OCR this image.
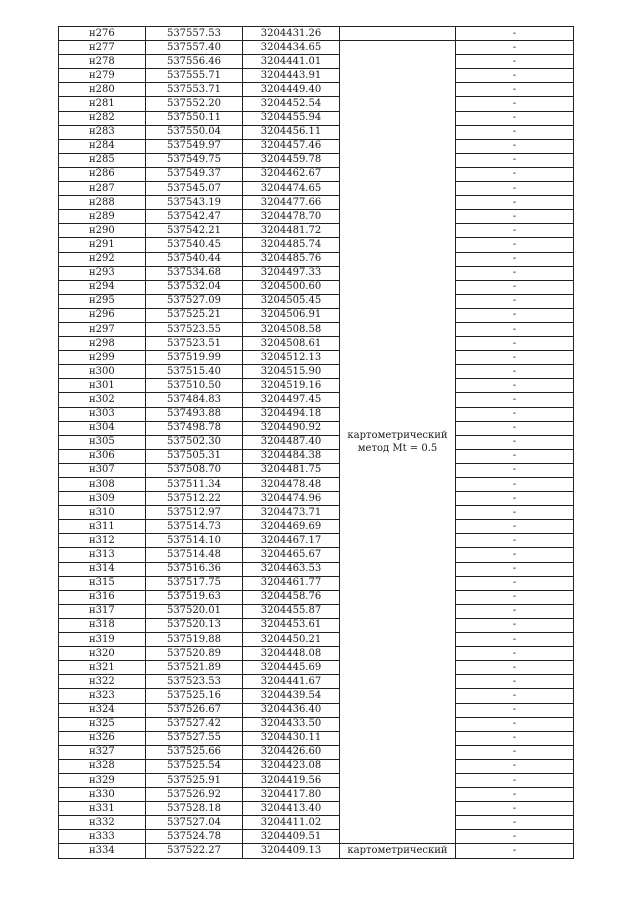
н276	537557.53	3204431.26		-
н277	537557.40	3204434.65	картометрический метод Mt = 0.5	-
н278	537556.46	3204441.01		-
н279	537555.71	3204443.91		-
н280	537553.71	3204449.40		-
н281	537552.20	3204452.54		-
н282	537550.11	3204455.94		-
н283	537550.04	3204456.11		-
н284	537549.97	3204457.46		-
н285	537549.75	3204459.78		-
н286	537549.37	3204462.67		-
н287	537545.07	3204474.65		-
н288	537543.19	3204477.66		-
н289	537542.47	3204478.70		-
н290	537542.21	3204481.72		-
н291	537540.45	3204485.74		-
н292	537540.44	3204485.76		-
н293	537534.68	3204497.33		-
н294	537532.04	3204500.60		-
н295	537527.09	3204505.45		-
н296	537525.21	3204506.91		-
н297	537523.55	3204508.58		-
н298	537523.51	3204508.61		-
н299	537519.99	3204512.13		-
н300	537515.40	3204515.90		-
н301	537510.50	3204519.16		-
н302	537484.83	3204497.45		-
н303	537493.88	3204494.18		-
н304	537498.78	3204490.92		-
н305	537502.30	3204487.40		-
н306	537505.31	3204484.38		-
н307	537508.70	3204481.75		-
н308	537511.34	3204478.48		-
н309	537512.22	3204474.96		-
н310	537512.97	3204473.71		-
н311	537514.73	3204469.69		-
н312	537514.10	3204467.17		-
н313	537514.48	3204465.67		-
н314	537516.36	3204463.53		-
н315	537517.75	3204461.77		-
н316	537519.63	3204458.76		-
н317	537520.01	3204455.87		-
н318	537520.13	3204453.61		-
н319	537519.88	3204450.21		-
н320	537520.89	3204448.08		-
н321	537521.89	3204445.69		-
н322	537523.53	3204441.67		-
н323	537525.16	3204439.54		-
н324	537526.67	3204436.40		-
н325	537527.42	3204433.50		-
н326	537527.55	3204430.11		-
н327	537525.66	3204426.60		-
н328	537525.54	3204423.08		-
н329	537525.91	3204419.56		-
н330	537526.92	3204417.80		-
н331	537528.18	3204413.40		-
н332	537527.04	3204411.02		-
н333	537524.78	3204409.51		-
н334	537522.27	3204409.13	картометрический	-
